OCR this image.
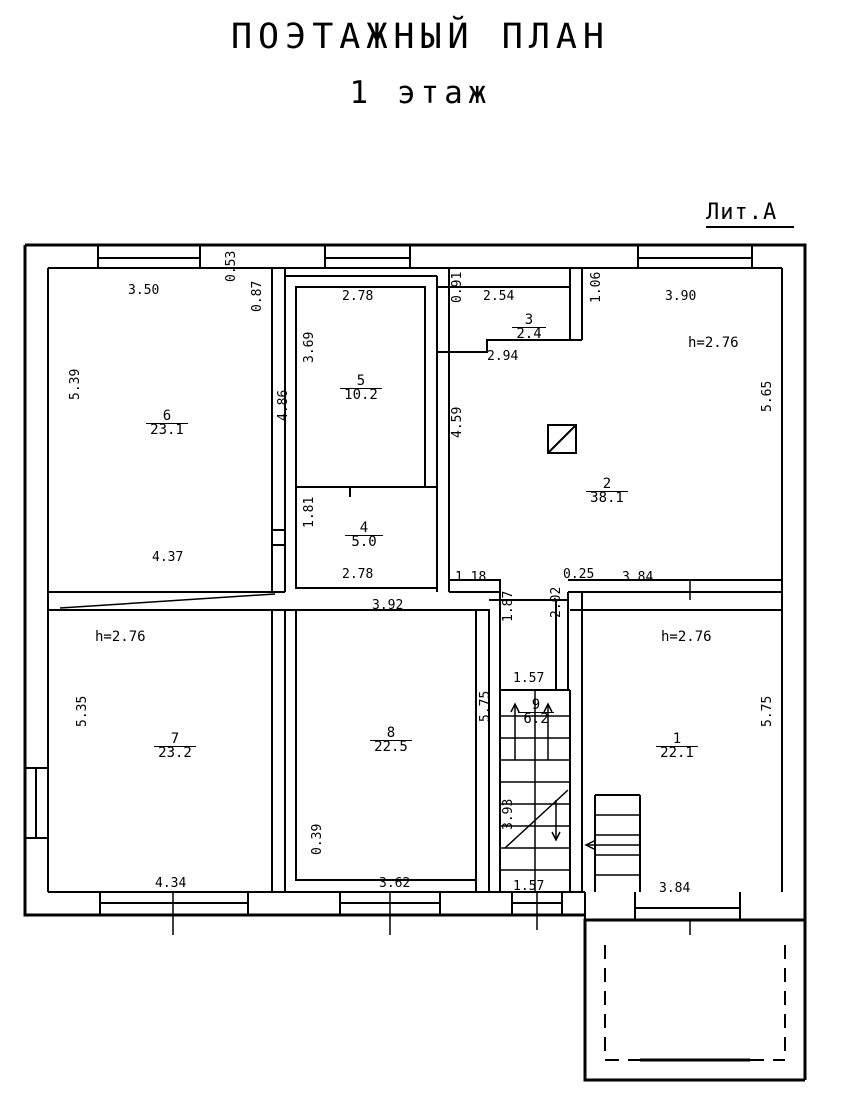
ПОЭТАЖНЫЙ ПЛАН
1 этаж
Лит.А
6
23.1
5
10.2
3
2.4
2
38.1
4
5.0
7
23.2
8
22.5
9
6.2
1
22.1
h=2.76
h=2.76
h=2.76
3.50
0.53
0.87	2.78	0.91 2.54	1.06	3.90
2.94
5.39
5.35
5.65
5.75
3.69
4.86
4.59
4.37
1.81
2.78	1.18	0.25 3.84
3.92	1.87	2.02
1.57
5.75
3.93
1.57
0.39
3.62
4.34	3.84
